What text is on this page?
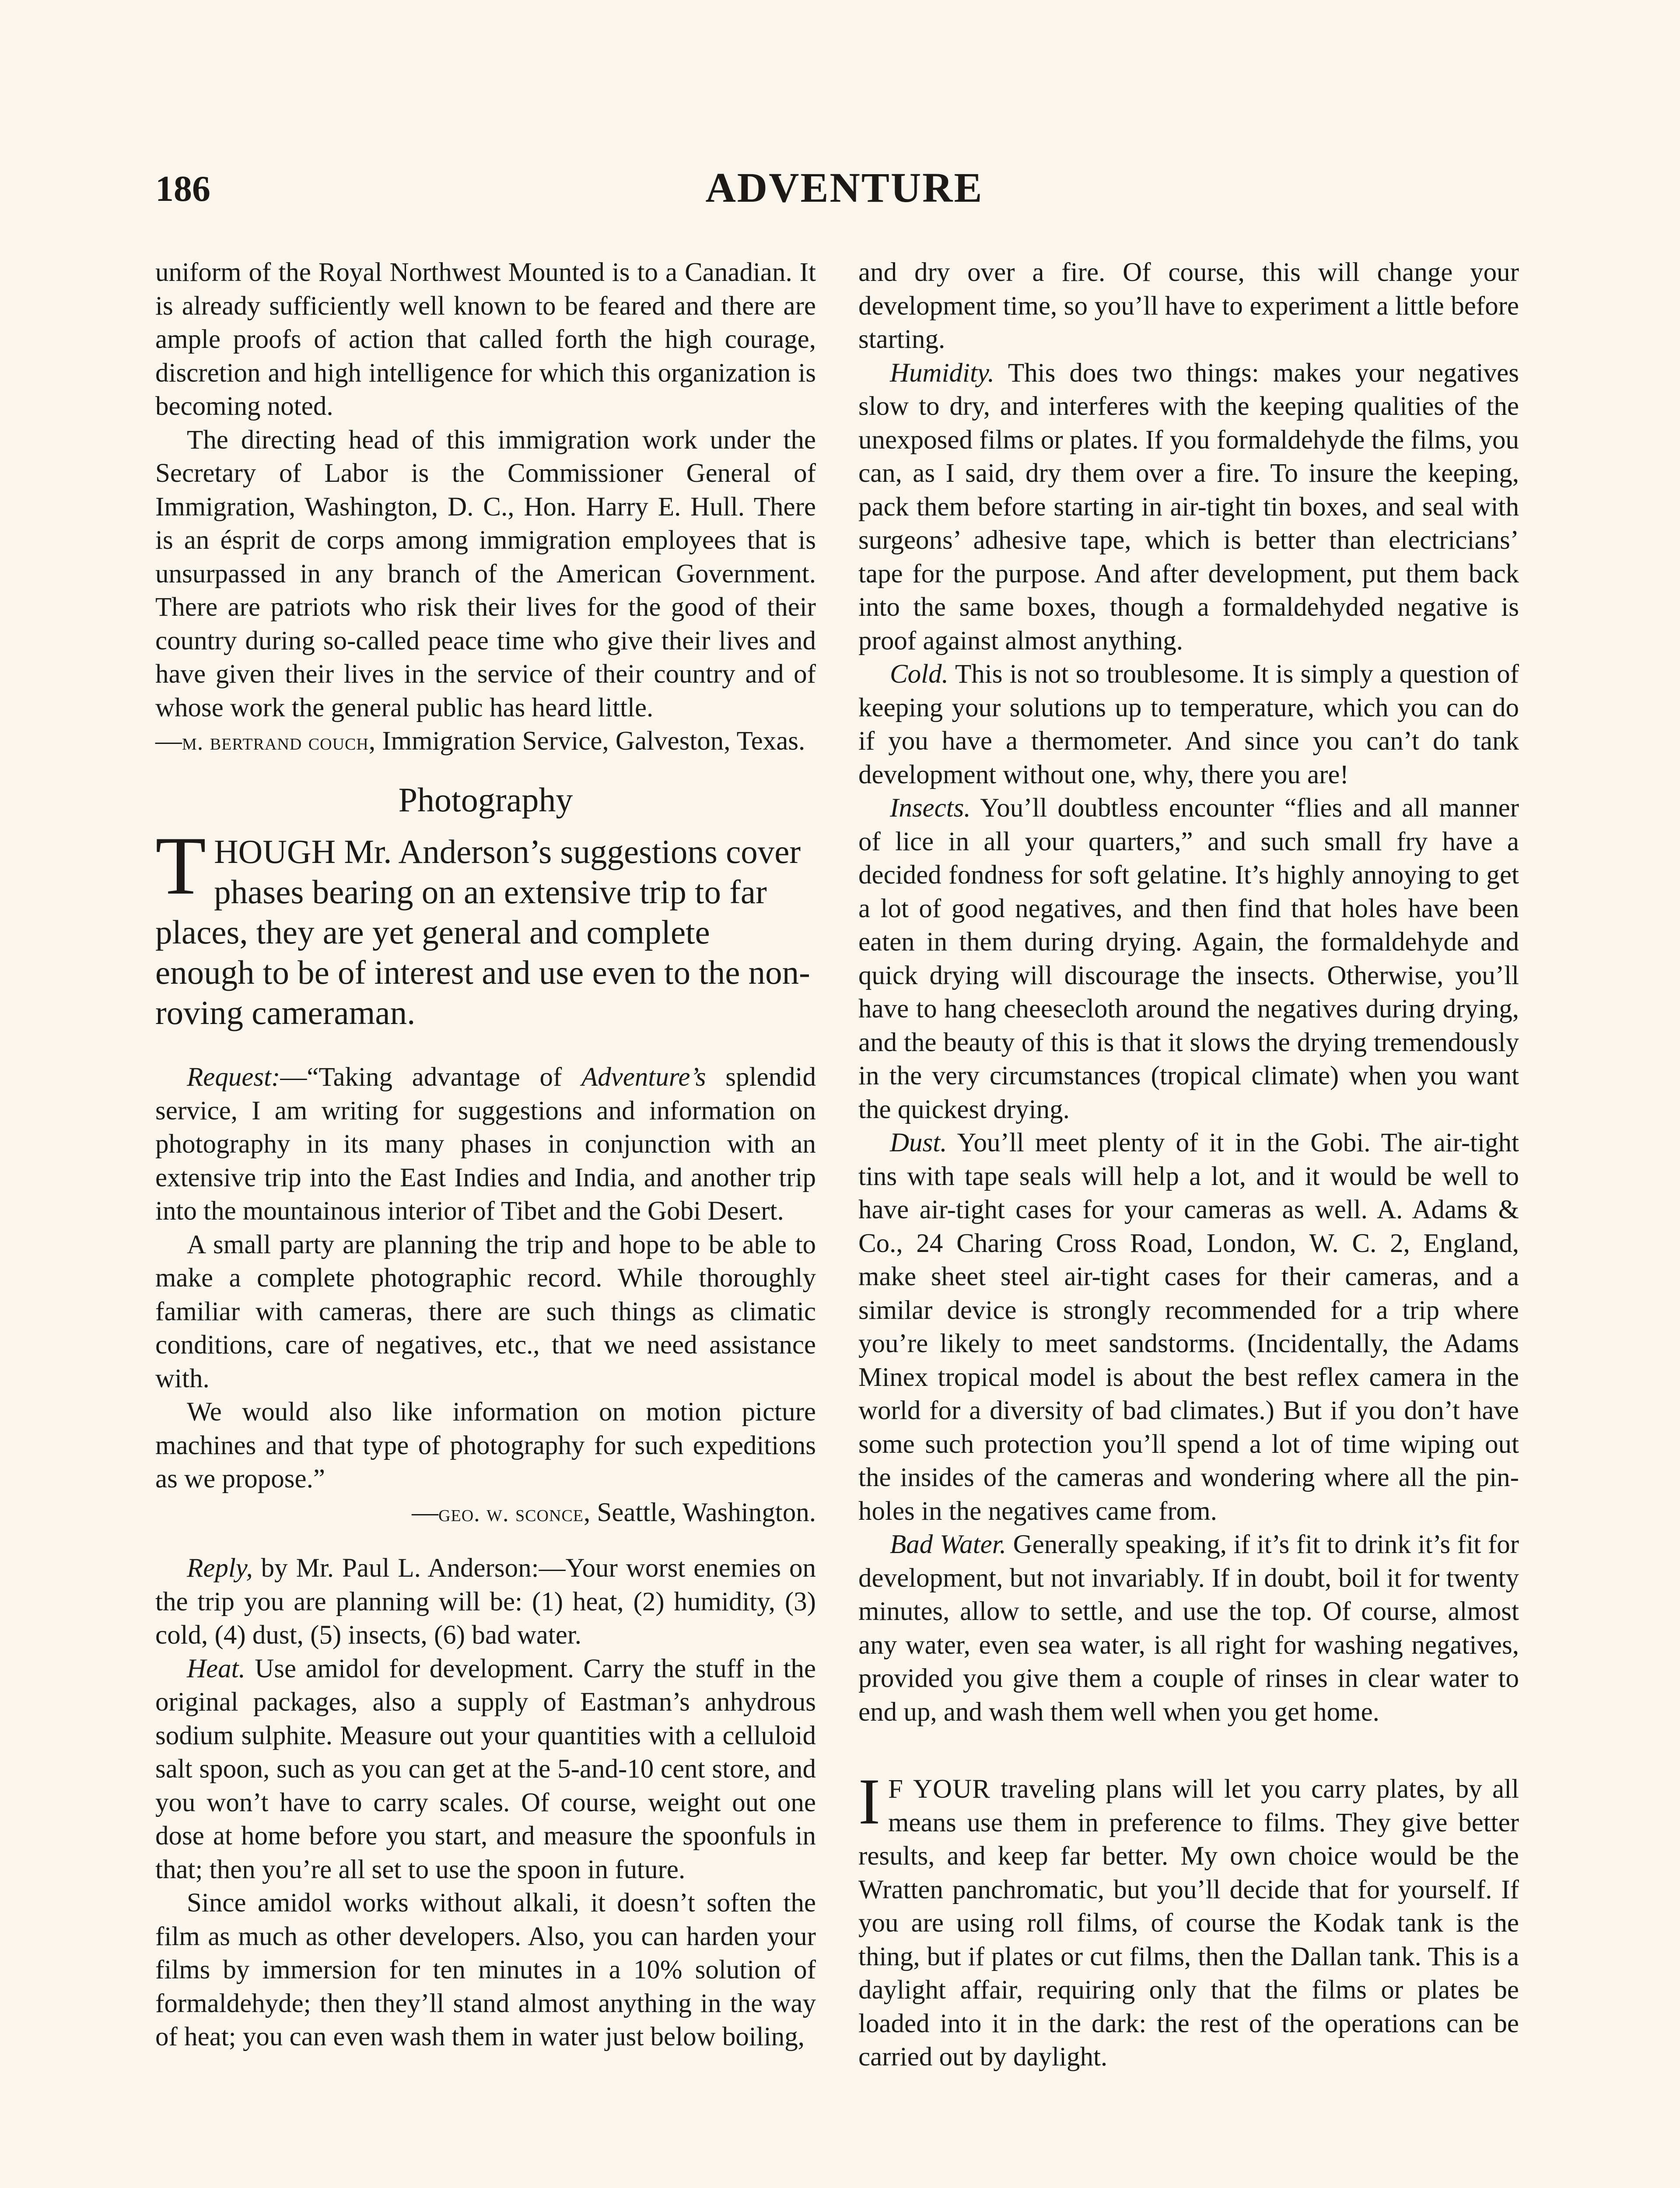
186	ADVENTURE

uniform of the Royal Northwest Mounted is to a Canadian. It is already sufficiently well known to be feared and there are ample proofs of action that called forth the high courage, discretion and high intelligence for which this organization is becoming noted.

The directing head of this immigration work under the Secretary of Labor is the Commissioner General of Immigration, Washington, D. C., Hon. Harry E. Hull. There is an ésprit de corps among immigration employees that is unsurpassed in any branch of the American Government. There are patriots who risk their lives for the good of their country during so-called peace time who give their lives and have given their lives in the service of their country and of whose work the general public has heard little.

—m. bertrand couch, Immigration Service, Galveston, Texas.

Photography
THOUGH Mr. Anderson’s suggestions cover phases bearing on an extensive trip to far places, they are yet general and complete enough to be of interest and use even to the non-roving cameraman.

Request:—“Taking advantage of Adventure’s splendid service, I am writing for suggestions and information on photography in its many phases in conjunction with an extensive trip into the East Indies and India, and another trip into the mountainous interior of Tibet and the Gobi Desert.

A small party are planning the trip and hope to be able to make a complete photographic record. While thoroughly familiar with cameras, there are such things as climatic conditions, care of negatives, etc., that we need assistance with.

We would also like information on motion picture machines and that type of photography for such expeditions as we propose.”

—geo. w. sconce, Seattle, Washington.

Reply, by Mr. Paul L. Anderson:—Your worst enemies on the trip you are planning will be: (1) heat, (2) humidity, (3) cold, (4) dust, (5) insects, (6) bad water.

Heat. Use amidol for development. Carry the stuff in the original packages, also a supply of Eastman’s anhydrous sodium sulphite. Measure out your quantities with a celluloid salt spoon, such as you can get at the 5-and-10 cent store, and you won’t have to carry scales. Of course, weight out one dose at home before you start, and measure the spoonfuls in that; then you’re all set to use the spoon in future.

Since amidol works without alkali, it doesn’t soften the film as much as other developers. Also, you can harden your films by immersion for ten minutes in a 10% solution of formaldehyde; then they’ll stand almost anything in the way of heat; you can even wash them in water just below boiling,

and dry over a fire. Of course, this will change your development time, so you’ll have to experiment a little before starting.

Humidity. This does two things: makes your negatives slow to dry, and interferes with the keeping qualities of the unexposed films or plates. If you formaldehyde the films, you can, as I said, dry them over a fire. To insure the keeping, pack them before starting in air-tight tin boxes, and seal with surgeons’ adhesive tape, which is better than electricians’ tape for the purpose. And after development, put them back into the same boxes, though a formaldehyded negative is proof against almost anything.

Cold. This is not so troublesome. It is simply a question of keeping your solutions up to temperature, which you can do if you have a thermometer. And since you can’t do tank development without one, why, there you are!

Insects. You’ll doubtless encounter “flies and all manner of lice in all your quarters,” and such small fry have a decided fondness for soft gelatine. It’s highly annoying to get a lot of good negatives, and then find that holes have been eaten in them during drying. Again, the formaldehyde and quick drying will discourage the insects. Otherwise, you’ll have to hang cheesecloth around the negatives during drying, and the beauty of this is that it slows the drying tremendously in the very circumstances (tropical climate) when you want the quickest drying.

Dust. You’ll meet plenty of it in the Gobi. The air-tight tins with tape seals will help a lot, and it would be well to have air-tight cases for your cameras as well. A. Adams & Co., 24 Charing Cross Road, London, W. C. 2, England, make sheet steel air-tight cases for their cameras, and a similar device is strongly recommended for a trip where you’re likely to meet sandstorms. (Incidentally, the Adams Minex tropical model is about the best reflex camera in the world for a diversity of bad climates.) But if you don’t have some such protection you’ll spend a lot of time wiping out the insides of the cameras and wondering where all the pin-holes in the negatives came from.

Bad Water. Generally speaking, if it’s fit to drink it’s fit for development, but not invariably. If in doubt, boil it for twenty minutes, allow to settle, and use the top. Of course, almost any water, even sea water, is all right for washing negatives, provided you give them a couple of rinses in clear water to end up, and wash them well when you get home.

I F YOUR traveling plans will let you carry plates, by all means use them in preference to films. They give better results, and keep far better. My own choice would be the Wratten panchromatic, but you’ll decide that for yourself. If you are using roll films, of course the Kodak tank is the thing, but if plates or cut films, then the Dallan tank. This is a daylight affair, requiring only that the films or plates be loaded into it in the dark: the rest of the operations can be carried out by daylight.
